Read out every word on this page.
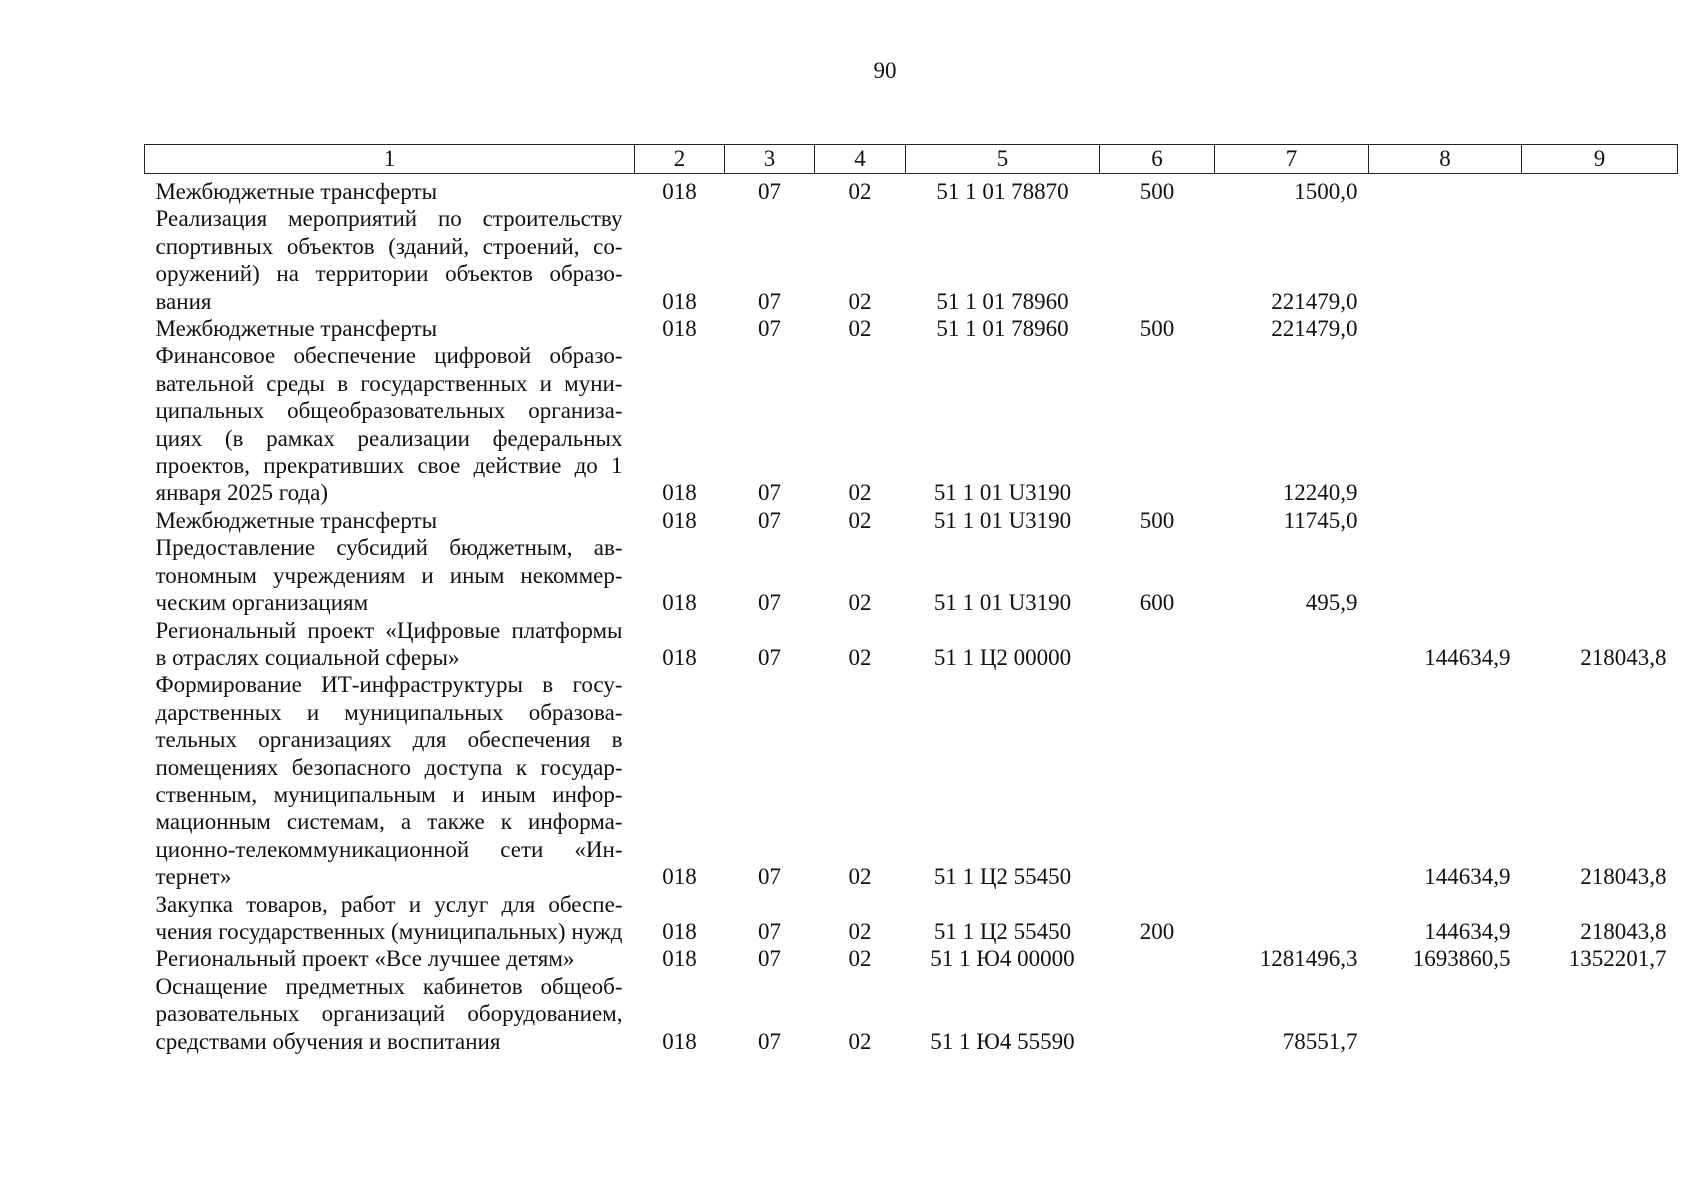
90
1	2	3	4	5	6	7	8	9
Межбюджетные трансферты	018	07	02	51 1 01 78870	500	1500,0		
Реализация мероприятий по строительству спортивных объектов (зданий, строений, сооружений) на территории объектов образования	018	07	02	51 1 01 78960		221479,0		
Межбюджетные трансферты	018	07	02	51 1 01 78960	500	221479,0		
Финансовое обеспечение цифровой образовательной среды в государственных и муниципальных общеобразовательных организациях (в рамках реализации федеральных проектов, прекративших свое действие до 1 января 2025 года)	018	07	02	51 1 01 U3190		12240,9		
Межбюджетные трансферты	018	07	02	51 1 01 U3190	500	11745,0		
Предоставление субсидий бюджетным, автономным учреждениям и иным некоммерческим организациям	018	07	02	51 1 01 U3190	600	495,9		
Региональный проект «Цифровые платформы в отраслях социальной сферы»	018	07	02	51 1 Ц2 00000			144634,9	218043,8
Формирование ИТ-инфраструктуры в государственных и муниципальных образовательных организациях для обеспечения в помещениях безопасного доступа к государственным, муниципальным и иным информационным системам, а также к информационно-телекоммуникационной сети «Интернет»	018	07	02	51 1 Ц2 55450			144634,9	218043,8
Закупка товаров, работ и услуг для обеспечения государственных (муниципальных) нужд	018	07	02	51 1 Ц2 55450	200		144634,9	218043,8
Региональный проект «Все лучшее детям»	018	07	02	51 1 Ю4 00000		1281496,3	1693860,5	1352201,7
Оснащение предметных кабинетов общеобразовательных организаций оборудованием, средствами обучения и воспитания	018	07	02	51 1 Ю4 55590		78551,7		
